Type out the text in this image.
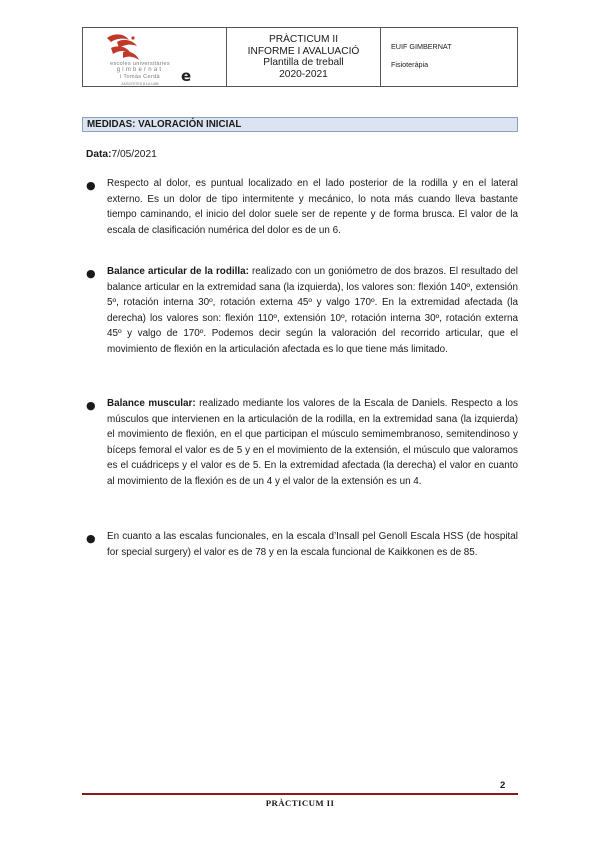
escoles universitàries
gimbernat
i Tomàs Cerdà
ADSCRITES A LA UAB	e
PRÀCTICUM II
INFORME I AVALUACIÓ
Plantilla de treball
2020-2021
EUIF GIMBERNAT
Fisioteràpia
MEDIDAS: VALORACIÓN INICIAL
Data:7/05/2021
●	Respecto al dolor, es puntual localizado en el lado posterior de la rodilla y en el lateral externo. Es un dolor de tipo intermitente y mecánico, lo nota más cuando lleva bastante tiempo caminando, el inicio del dolor suele ser de repente y de forma brusca. El valor de la escala de clasificación numérica del dolor es de un 6.
●	Balance articular de la rodilla: realizado con un goniómetro de dos brazos. El resultado del balance articular en la extremidad sana (la izquierda), los valores son: flexión 140º, extensión 5º, rotación interna 30º, rotación externa 45º y valgo 170º. En la extremidad afectada (la derecha) los valores son: flexión 110º, extensión 10º, rotación interna 30º, rotación externa 45º y valgo de 170º. Podemos decir según la valoración del recorrido articular, que el movimiento de flexión en la articulación afectada es lo que tiene más limitado.
●	Balance muscular: realizado mediante los valores de la Escala de Daniels. Respecto a los músculos que intervienen en la articulación de la rodilla, en la extremidad sana (la izquierda) el movimiento de flexión, en el que participan el músculo semimembranoso, semitendinoso y bíceps femoral el valor es de 5 y en el movimiento de la extensión, el músculo que valoramos es el cuádriceps y el valor es de 5. En la extremidad afectada (la derecha) el valor en cuanto al movimiento de la flexión es de un 4 y el valor de la extensión es un 4.
●	En cuanto a las escalas funcionales, en la escala d’Insall pel Genoll Escala HSS (de hospital for special surgery) el valor es de 78 y en la escala funcional de Kaikkonen es de 85.
2
PRÀCTICUM II
